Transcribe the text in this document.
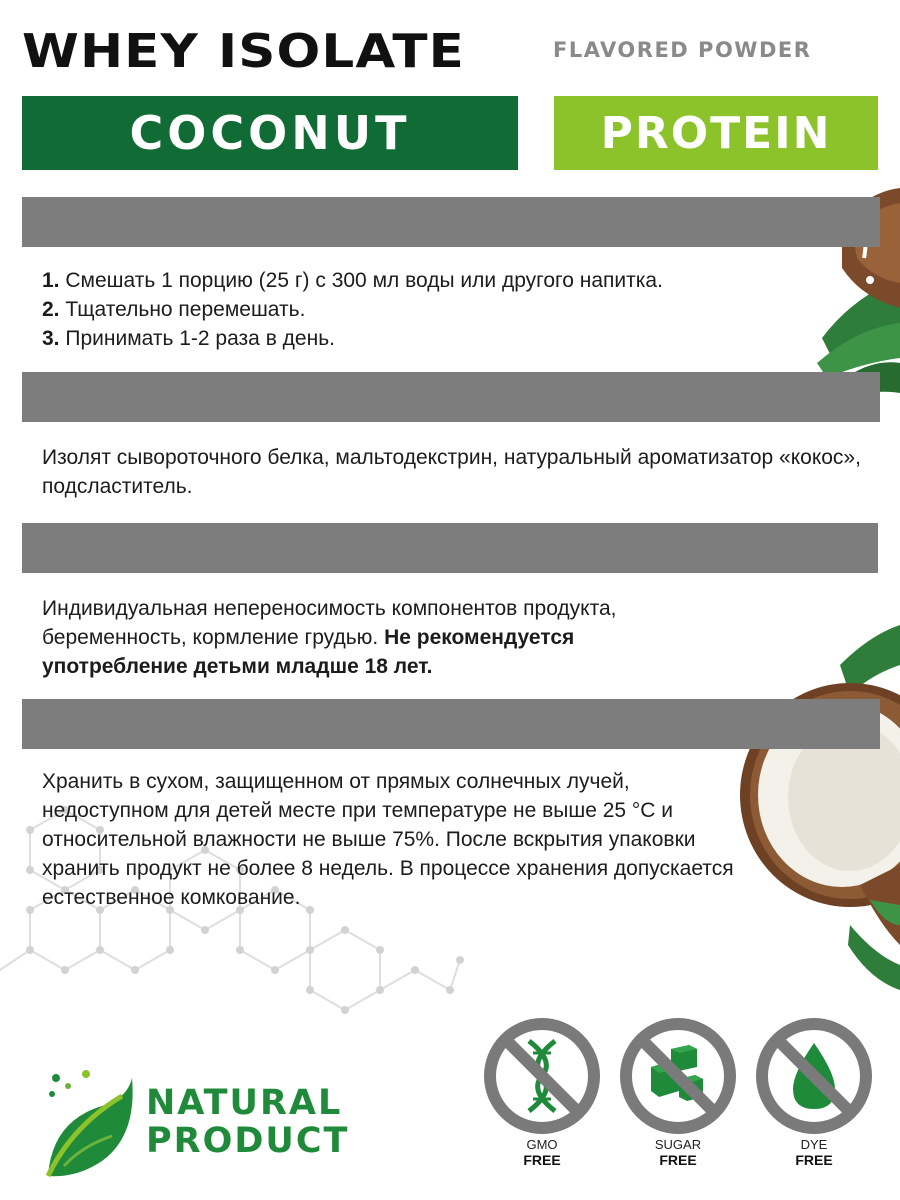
WHEY ISOLATE	FLAVORED POWDER
COCONUT	PROTEIN
1. Смешать 1 порцию (25 г) с 300 мл воды или другого напитка.
2. Тщательно перемешать.
3. Принимать 1-2 раза в день.
Изолят сывороточного белка, мальтодекстрин, натуральный ароматизатор «кокос», подсластитель.
Индивидуальная непереносимость компонентов продукта, беременность, кормление грудью. Не рекомендуется употребление детьми младше 18 лет.
Хранить в сухом, защищенном от прямых солнечных лучей, недоступном для детей месте при температуре не выше 25 °С и относительной влажности не выше 75%. После вскрытия упаковки хранить продукт не более 8 недель. В процессе хранения допускается естественное комкование.
NATURAL
PRODUCT	GMO
FREE
SUGAR
FREE
DYE
FREE
